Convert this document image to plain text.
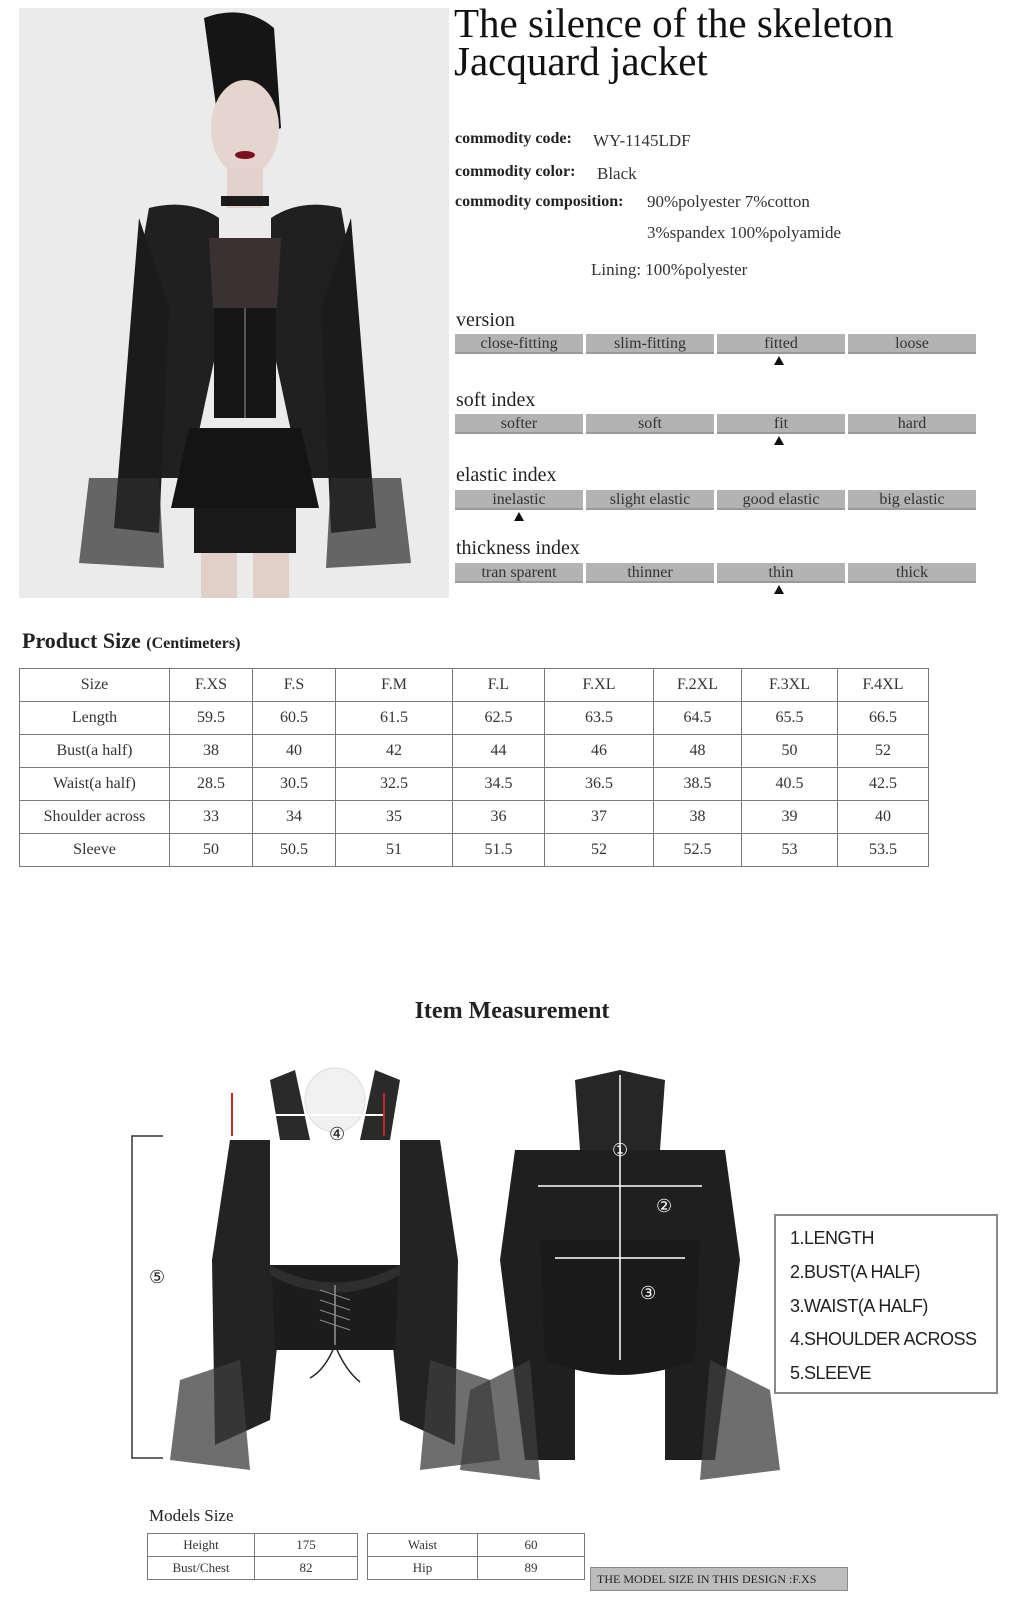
The silence of the skeleton
Jacquard jacket
commodity code: WY-1145LDF
commodity color: Black
commodity composition: 90%polyester 7%cotton
3%spandex 100%polyamide
Lining: 100%polyester
version
close-fitting	slim-fitting	fitted	loose
soft index
softer	soft	fit	hard
elastic index
inelastic	slight elastic	good elastic	big elastic
thickness index
tran sparent	thinner	thin	thick
Product Size (Centimeters)
Size	F.XS	F.S	F.M	F.L	F.XL	F.2XL	F.3XL	F.4XL
Length	59.5	60.5	61.5	62.5	63.5	64.5	65.5	66.5
Bust(a half)	38	40	42	44	46	48	50	52
Waist(a half)	28.5	30.5	32.5	34.5	36.5	38.5	40.5	42.5
Shoulder across	33	34	35	36	37	38	39	40
Sleeve	50	50.5	51	51.5	52	52.5	53	53.5
Item Measurement
④
⑤
①
②
③
1.LENGTH
2.BUST(A HALF)
3.WAIST(A HALF)
4.SHOULDER ACROSS
5.SLEEVE
Models Size
Height	175
Bust/Chest	82
Waist	60
Hip	89
THE MODEL SIZE IN THIS DESIGN :F.XS
